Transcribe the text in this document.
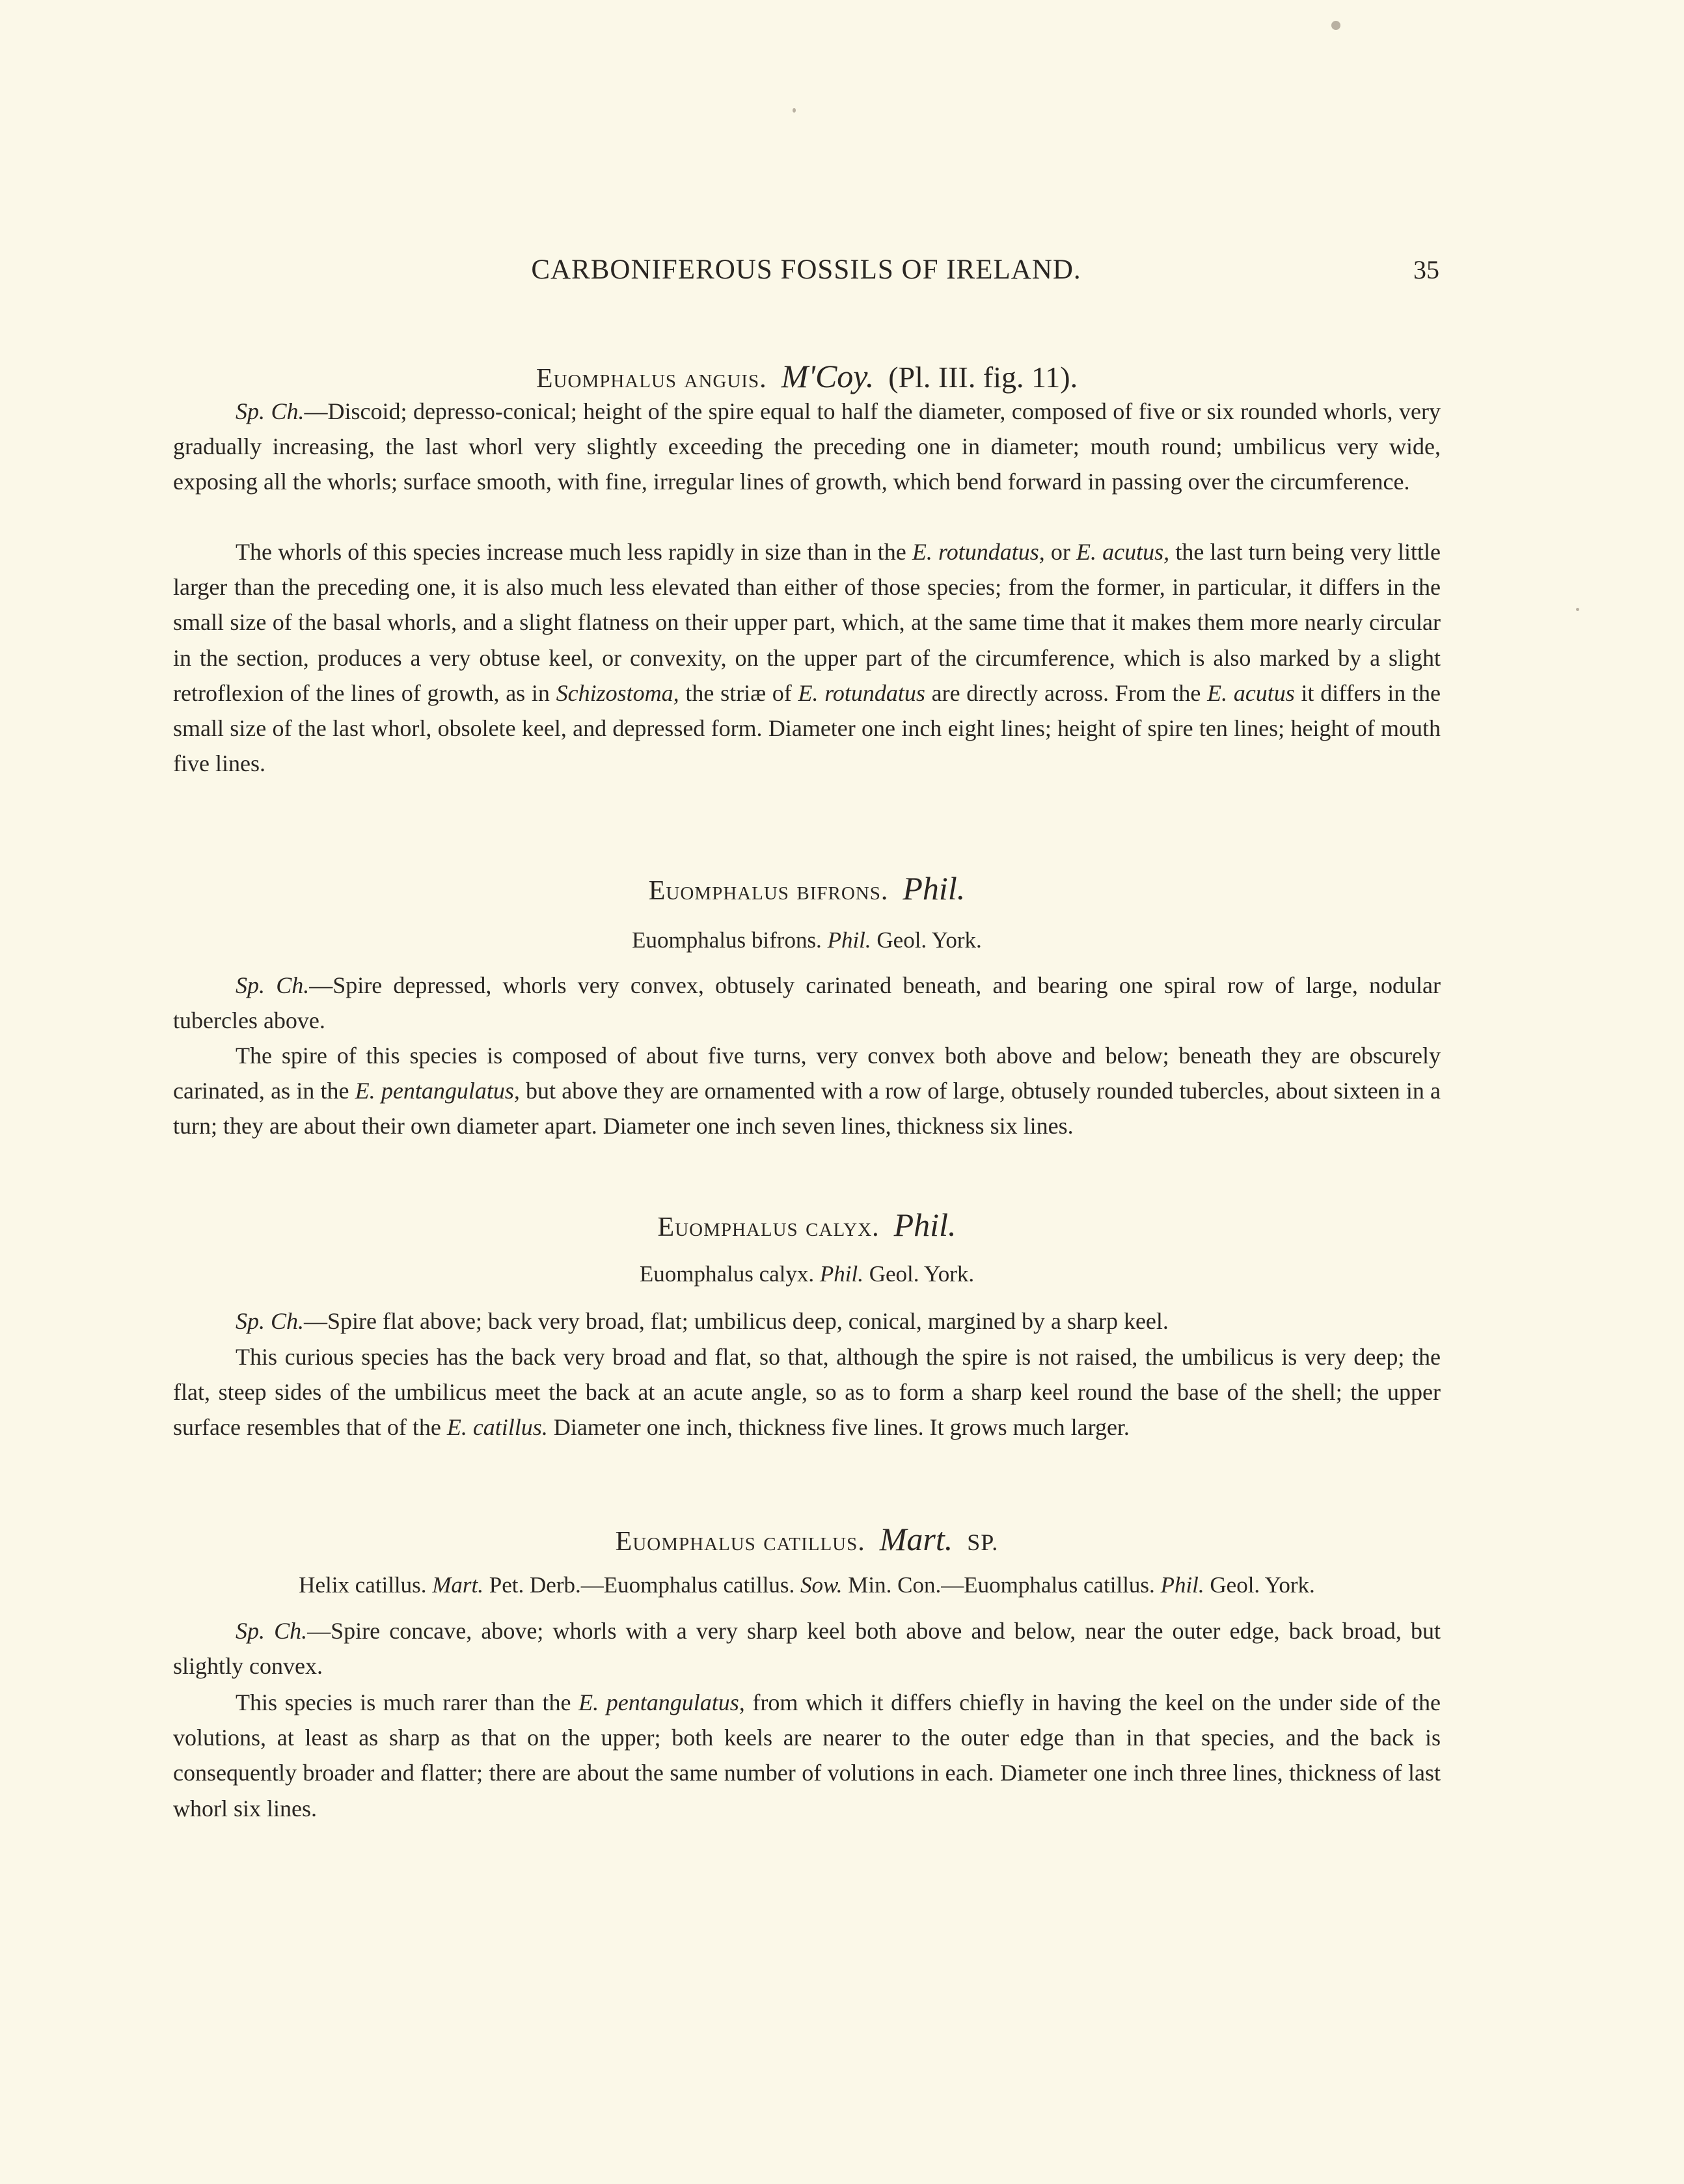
CARBONIFEROUS FOSSILS OF IRELAND.	35
Euomphalus anguis. M'Coy. (Pl. III. fig. 11).

Sp. Ch.—Discoid; depresso-conical; height of the spire equal to half the diameter, composed of five or six rounded whorls, very gradually increasing, the last whorl very slightly exceeding the preceding one in diameter; mouth round; umbilicus very wide, exposing all the whorls; surface smooth, with fine, irregular lines of growth, which bend forward in passing over the circumference.

The whorls of this species increase much less rapidly in size than in the E. rotundatus, or E. acutus, the last turn being very little larger than the preceding one, it is also much less elevated than either of those species; from the former, in particular, it differs in the small size of the basal whorls, and a slight flatness on their upper part, which, at the same time that it makes them more nearly circular in the section, produces a very obtuse keel, or convexity, on the upper part of the circumference, which is also marked by a slight retroflexion of the lines of growth, as in Schizostoma, the striæ of E. rotundatus are directly across. From the E. acutus it differs in the small size of the last whorl, obsolete keel, and depressed form. Diameter one inch eight lines; height of spire ten lines; height of mouth five lines.

Euomphalus bifrons. Phil.
Euomphalus bifrons. Phil. Geol. York.

Sp. Ch.—Spire depressed, whorls very convex, obtusely carinated beneath, and bearing one spiral row of large, nodular tubercles above.

The spire of this species is composed of about five turns, very convex both above and below; beneath they are obscurely carinated, as in the E. pentangulatus, but above they are ornamented with a row of large, obtusely rounded tubercles, about sixteen in a turn; they are about their own diameter apart. Diameter one inch seven lines, thickness six lines.

Euomphalus calyx. Phil.
Euomphalus calyx. Phil. Geol. York.

Sp. Ch.—Spire flat above; back very broad, flat; umbilicus deep, conical, margined by a sharp keel.

This curious species has the back very broad and flat, so that, although the spire is not raised, the umbilicus is very deep; the flat, steep sides of the umbilicus meet the back at an acute angle, so as to form a sharp keel round the base of the shell; the upper surface resembles that of the E. catillus. Diameter one inch, thickness five lines. It grows much larger.

Euomphalus catillus. Mart. SP.
Helix catillus. Mart. Pet. Derb.—Euomphalus catillus. Sow. Min. Con.—Euomphalus catillus. Phil. Geol. York.

Sp. Ch.—Spire concave, above; whorls with a very sharp keel both above and below, near the outer edge, back broad, but slightly convex.

This species is much rarer than the E. pentangulatus, from which it differs chiefly in having the keel on the under side of the volutions, at least as sharp as that on the upper; both keels are nearer to the outer edge than in that species, and the back is consequently broader and flatter; there are about the same number of volutions in each. Diameter one inch three lines, thickness of last whorl six lines.
